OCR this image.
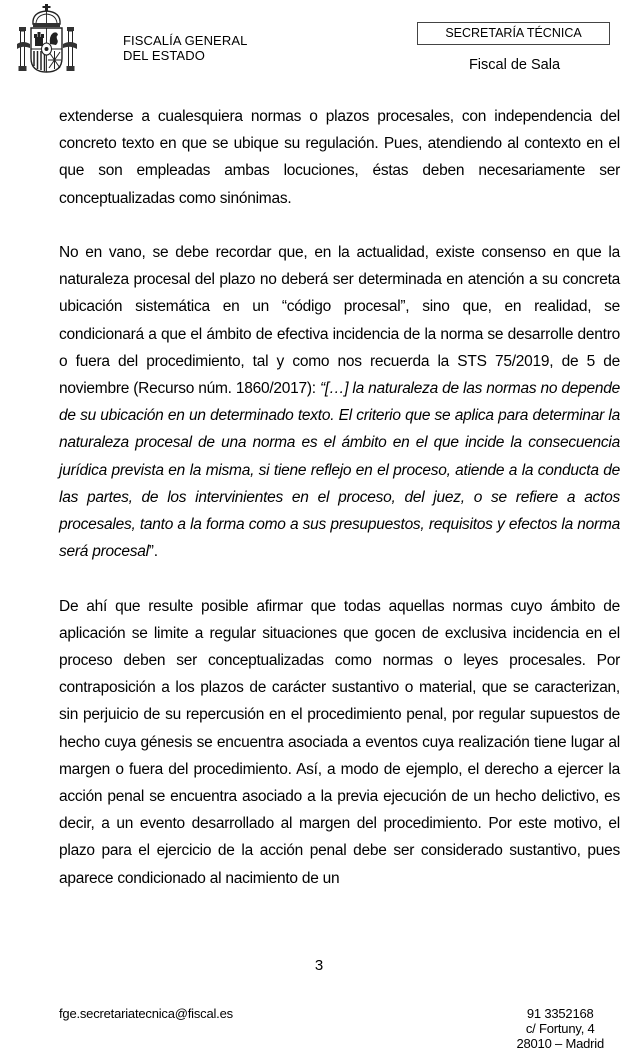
FISCALÍA GENERAL
DEL ESTADO
SECRETARÍA TÉCNICA
Fiscal de Sala

extenderse a cualesquiera normas o plazos procesales, con independencia del concreto texto en que se ubique su regulación. Pues, atendiendo al contexto en el que son empleadas ambas locuciones, éstas deben necesariamente ser conceptualizadas como sinónimas.

No en vano, se debe recordar que, en la actualidad, existe consenso en que la naturaleza procesal del plazo no deberá ser determinada en atención a su concreta ubicación sistemática en un “código procesal”, sino que, en realidad, se condicionará a que el ámbito de efectiva incidencia de la norma se desarrolle dentro o fuera del procedimiento, tal y como nos recuerda la STS 75/2019, de 5 de noviembre (Recurso núm. 1860/2017): “[…] la naturaleza de las normas no depende de su ubicación en un determinado texto. El criterio que se aplica para determinar la naturaleza procesal de una norma es el ámbito en el que incide la consecuencia jurídica prevista en la misma, si tiene reflejo en el proceso, atiende a la conducta de las partes, de los intervinientes en el proceso, del juez, o se refiere a actos procesales, tanto a la forma como a sus presupuestos, requisitos y efectos la norma será procesal”.

De ahí que resulte posible afirmar que todas aquellas normas cuyo ámbito de aplicación se limite a regular situaciones que gocen de exclusiva incidencia en el proceso deben ser conceptualizadas como normas o leyes procesales. Por contraposición a los plazos de carácter sustantivo o material, que se caracterizan, sin perjuicio de su repercusión en el procedimiento penal, por regular supuestos de hecho cuya génesis se encuentra asociada a eventos cuya realización tiene lugar al margen o fuera del procedimiento. Así, a modo de ejemplo, el derecho a ejercer la acción penal se encuentra asociado a la previa ejecución de un hecho delictivo, es decir, a un evento desarrollado al margen del procedimiento. Por este motivo, el plazo para el ejercicio de la acción penal debe ser considerado sustantivo, pues aparece condicionado al nacimiento de un

3
fge.secretariatecnica@fiscal.es	91 3352168
c/ Fortuny, 4
28010 – Madrid
